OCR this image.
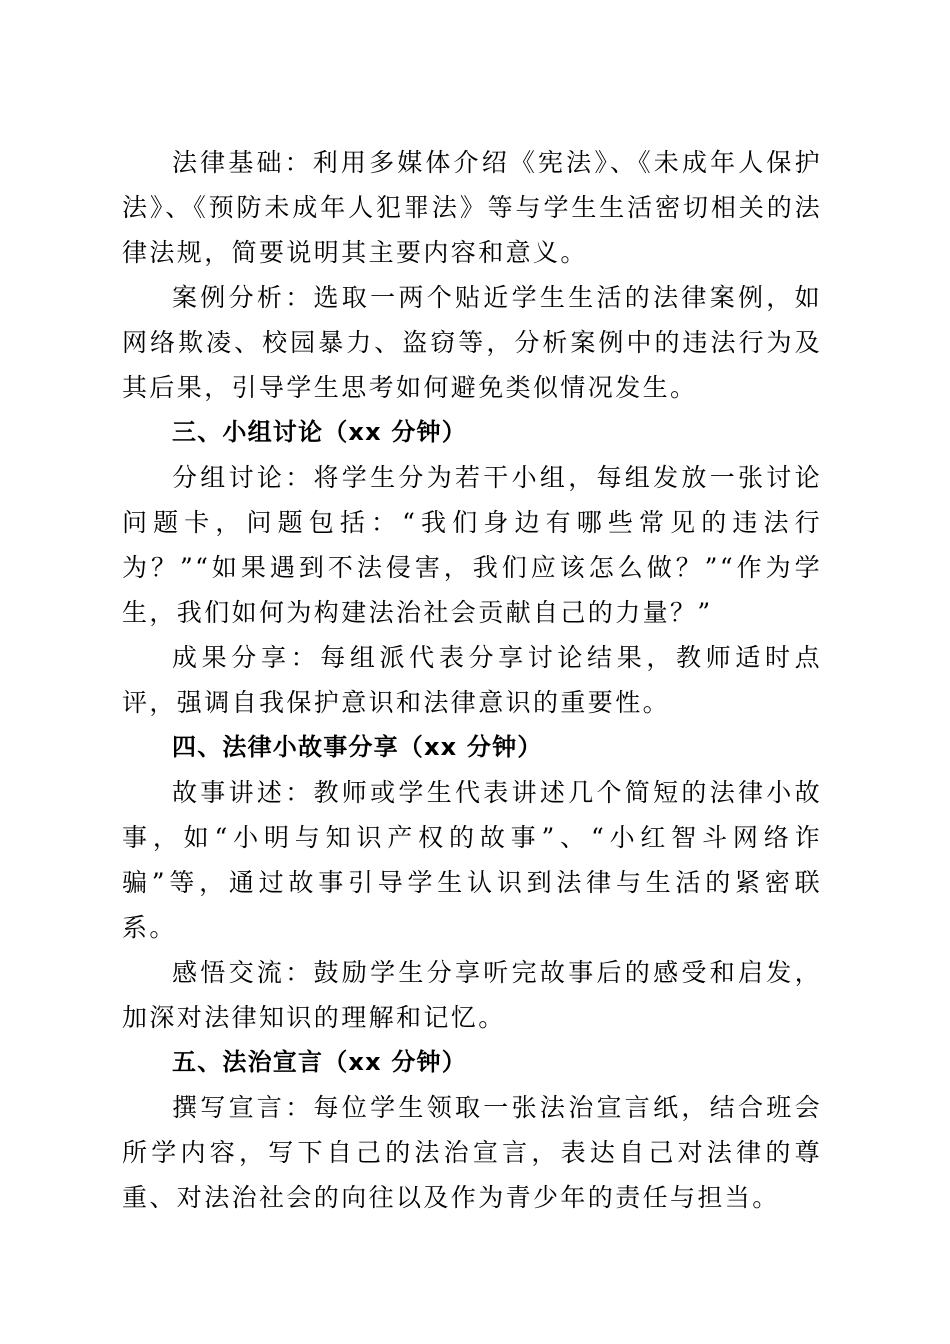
法律基础：利用多媒体介绍《宪法》、《未成年人保护法》、《预防未成年人犯罪法》等与学生生活密切相关的法律法规，简要说明其主要内容和意义。

案例分析：选取一两个贴近学生生活的法律案例，如网络欺凌、校园暴力、盗窃等，分析案例中的违法行为及其后果，引导学生思考如何避免类似情况发生。

三、小组讨论（xx 分钟）

分组讨论：将学生分为若干小组，每组发放一张讨论问题卡，问题包括：“我们身边有哪些常见的违法行为？”“如果遇到不法侵害，我们应该怎么做？”“作为学生，我们如何为构建法治社会贡献自己的力量？”

成果分享：每组派代表分享讨论结果，教师适时点评，强调自我保护意识和法律意识的重要性。

四、法律小故事分享（xx 分钟）

故事讲述：教师或学生代表讲述几个简短的法律小故事，如“小明与知识产权的故事”、“小红智斗网络诈骗”等，通过故事引导学生认识到法律与生活的紧密联系。

感悟交流：鼓励学生分享听完故事后的感受和启发，加深对法律知识的理解和记忆。

五、法治宣言（xx 分钟）

撰写宣言：每位学生领取一张法治宣言纸，结合班会所学内容，写下自己的法治宣言，表达自己对法律的尊重、对法治社会的向往以及作为青少年的责任与担当。
